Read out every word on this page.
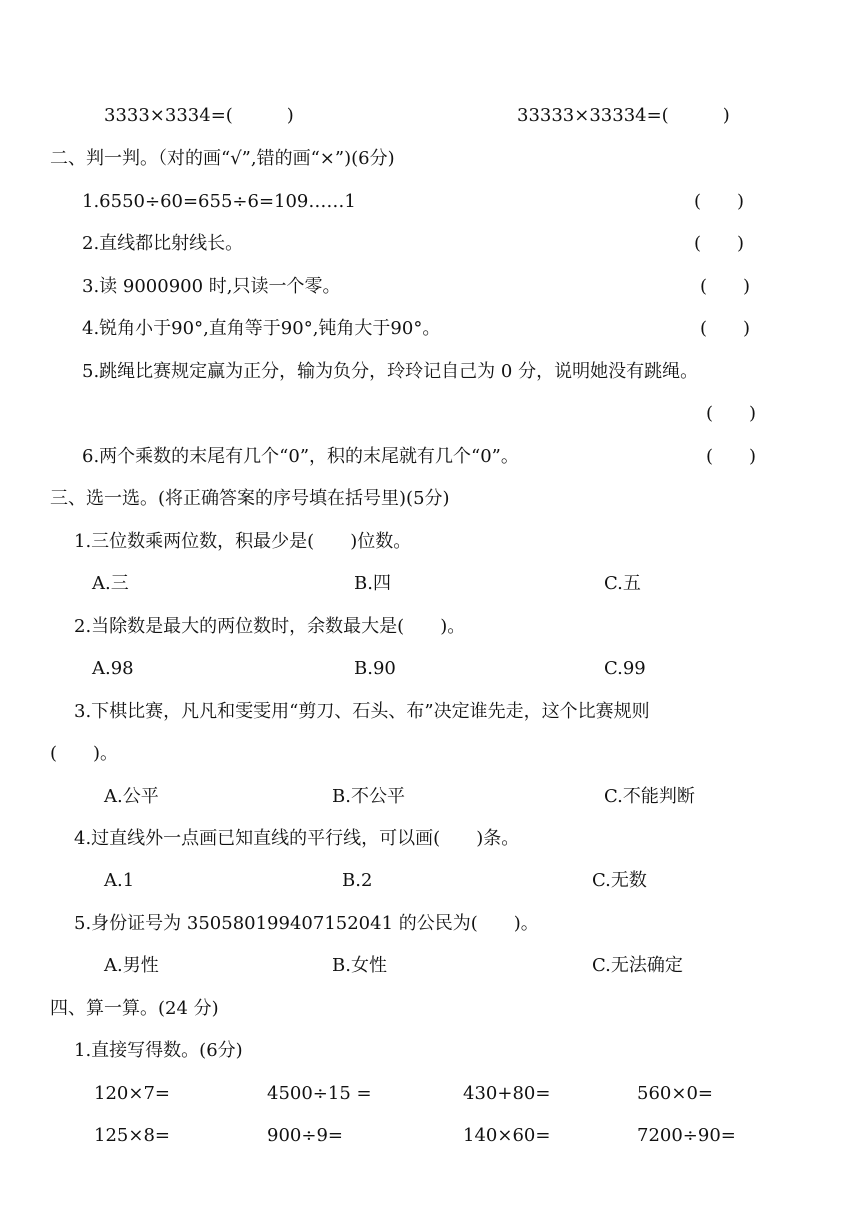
3333×3334=(　　　)	33333×33334=(　　　)
二、判一判。（对的画“√”,错的画“×”)(6分)
1.6550÷60=655÷6=109……1	(　　)
2.直线都比射线长。	(　　)
3.读 9000900 时,只读一个零。	(　　)
4.锐角小于90°,直角等于90°,钝角大于90°。	(　　)
5.跳绳比赛规定赢为正分，输为负分，玲玲记自己为 0 分，说明她没有跳绳。
(　　)
6.两个乘数的末尾有几个“0”，积的末尾就有几个“0”。	(　　)
三、选一选。(将正确答案的序号填在括号里)(5分)
1.三位数乘两位数，积最少是(　　)位数。
A.三	B.四	C.五
2.当除数是最大的两位数时，余数最大是(　　)。
A.98	B.90	C.99
3.下棋比赛，凡凡和雯雯用“剪刀、石头、布”决定谁先走，这个比赛规则
(　　)。
A.公平	B.不公平	C.不能判断
4.过直线外一点画已知直线的平行线，可以画(　　)条。
A.1	B.2	C.无数
5.身份证号为 350580199407152041 的公民为(　　)。
A.男性	B.女性	C.无法确定
四、算一算。(24 分)
1.直接写得数。(6分)
120×7=	4500÷15 =	430+80=	560×0=
125×8=	900÷9=	140×60=	7200÷90=
